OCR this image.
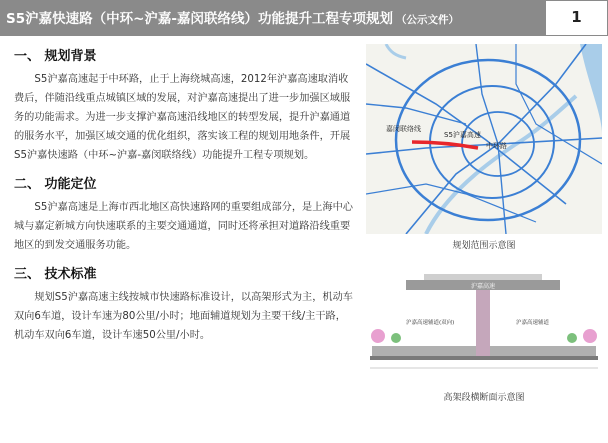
S5沪嘉快速路（中环~沪嘉-嘉闵联络线）功能提升工程专项规划 （公示文件）	1
一、 规划背景

S5沪嘉高速起于中环路，止于上海绕城高速，2012年沪嘉高速取消收费后，伴随沿线重点城镇区域的发展，对沪嘉高速提出了进一步加强区域服务的功能需求。为进一步支撑沪嘉高速沿线地区的转型发展，提升沪嘉通道的服务水平，加强区域交通的优化组织，落实该工程的规划用地条件，开展S5沪嘉快速路（中环~沪嘉-嘉闵联络线）功能提升工程专项规划。

二、 功能定位

S5沪嘉高速是上海市西北地区高快速路网的重要组成部分，是上海中心城与嘉定新城方向快速联系的主要交通通道，同时还将承担对道路沿线重要地区的到发交通服务功能。

三、 技术标准

规划S5沪嘉高速主线按城市快速路标准设计，以高架形式为主，机动车双向6车道，设计车速为80公里/小时；地面辅道规划为主要干线/主干路，机动车双向6车道，设计车速50公里/小时。

嘉闵联络线
S5沪嘉高速
中环路
规划范围示意图
沪嘉高速
沪嘉高速辅道(双向)	沪嘉高速辅道
高架段横断面示意图
